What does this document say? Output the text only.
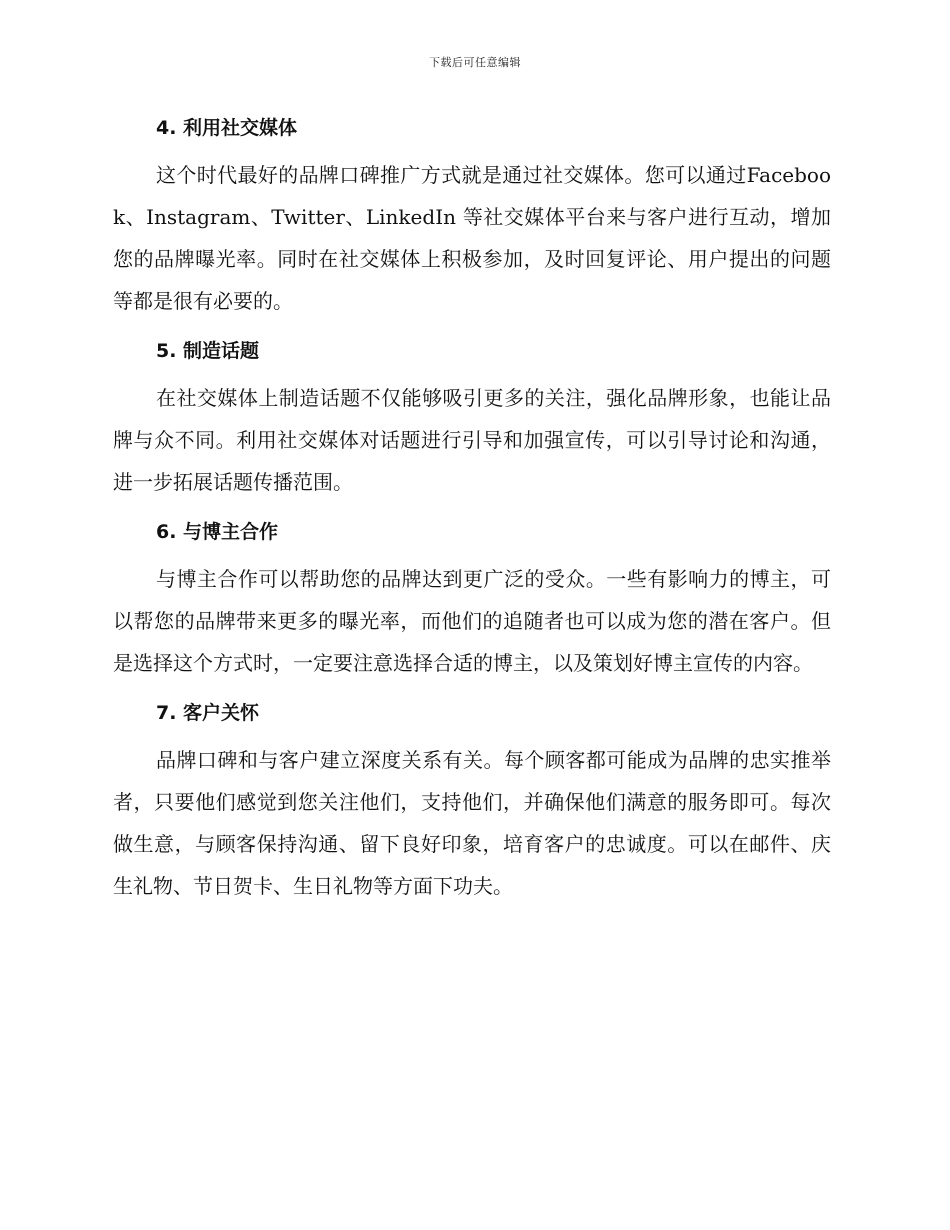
下载后可任意编辑
4. 利用社交媒体

这个时代最好的品牌口碑推广方式就是通过社交媒体。您可以通过Facebook、Instagram、Twitter、LinkedIn 等社交媒体平台来与客户进行互动，增加您的品牌曝光率。同时在社交媒体上积极参加，及时回复评论、用户提出的问题等都是很有必要的。

5. 制造话题

在社交媒体上制造话题不仅能够吸引更多的关注，强化品牌形象，也能让品牌与众不同。利用社交媒体对话题进行引导和加强宣传，可以引导讨论和沟通，进一步拓展话题传播范围。

6. 与博主合作

与博主合作可以帮助您的品牌达到更广泛的受众。一些有影响力的博主，可以帮您的品牌带来更多的曝光率，而他们的追随者也可以成为您的潜在客户。但是选择这个方式时，一定要注意选择合适的博主，以及策划好博主宣传的内容。

7. 客户关怀

品牌口碑和与客户建立深度关系有关。每个顾客都可能成为品牌的忠实推举者，只要他们感觉到您关注他们，支持他们，并确保他们满意的服务即可。每次做生意，与顾客保持沟通、留下良好印象，培育客户的忠诚度。可以在邮件、庆生礼物、节日贺卡、生日礼物等方面下功夫。
